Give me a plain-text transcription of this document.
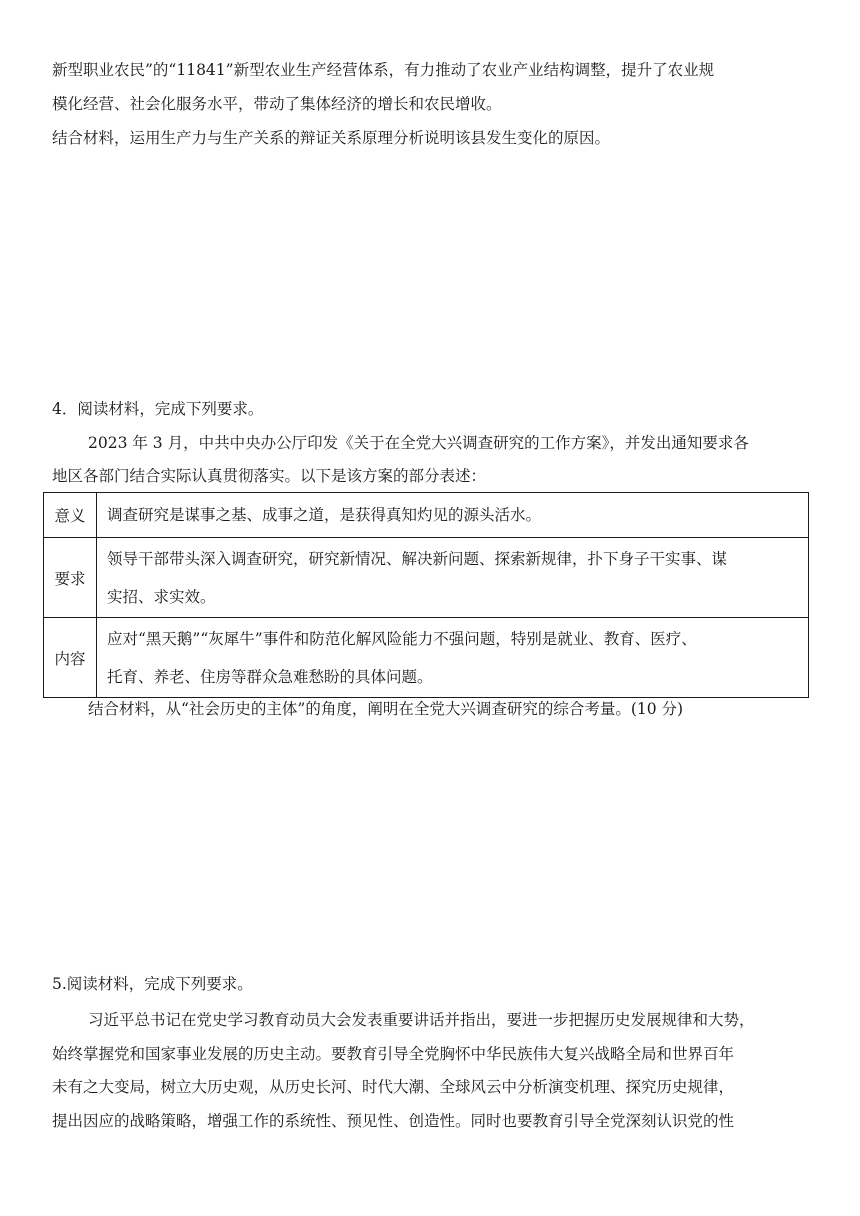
新型职业农民”的“11841”新型农业生产经营体系，有力推动了农业产业结构调整，提升了农业规
模化经营、社会化服务水平，带动了集体经济的增长和农民增收。
结合材料，运用生产力与生产关系的辩证关系原理分析说明该县发生变化的原因。
4．阅读材料，完成下列要求。
2023 年 3 月，中共中央办公厅印发《关于在全党大兴调查研究的工作方案》，并发出通知要求各
地区各部门结合实际认真贯彻落实。以下是该方案的部分表述：
意义	调查研究是谋事之基、成事之道，是获得真知灼见的源头活水。

要求	领导干部带头深入调查研究，研究新情况、解决新问题、探索新规律，扑下身子干实事、谋
实招、求实效。

内容	应对“黑天鹅”“灰犀牛”事件和防范化解风险能力不强问题，特别是就业、教育、医疗、
托育、养老、住房等群众急难愁盼的具体问题。
结合材料，从“社会历史的主体”的角度，阐明在全党大兴调查研究的综合考量。(10 分)
5.阅读材料，完成下列要求。
习近平总书记在党史学习教育动员大会发表重要讲话并指出，要进一步把握历史发展规律和大势，
始终掌握党和国家事业发展的历史主动。要教育引导全党胸怀中华民族伟大复兴战略全局和世界百年
未有之大变局，树立大历史观，从历史长河、时代大潮、全球风云中分析演变机理、探究历史规律，
提出因应的战略策略，增强工作的系统性、预见性、创造性。同时也要教育引导全党深刻认识党的性
